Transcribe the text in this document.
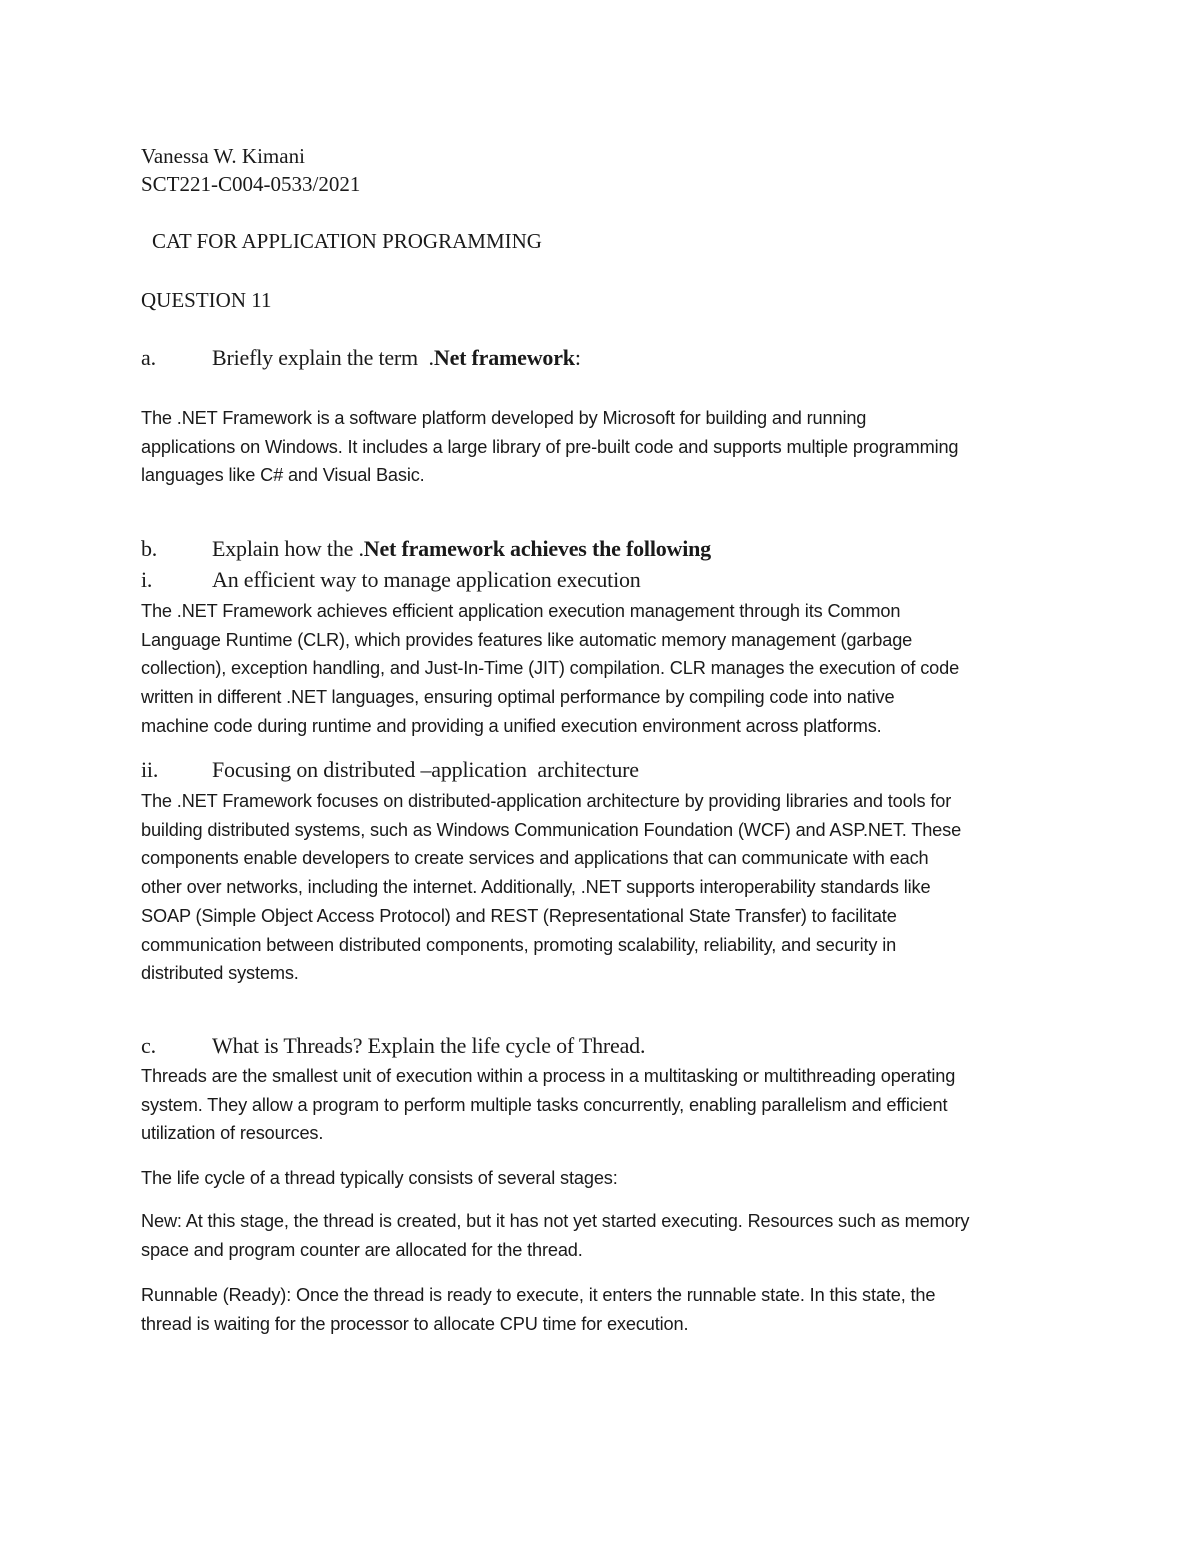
Vanessa W. Kimani
SCT221-C004-0533/2021
CAT FOR APPLICATION PROGRAMMING
QUESTION 11
a.	Briefly explain the term  .Net framework:

The .NET Framework is a software platform developed by Microsoft for building and running

applications on Windows. It includes a large library of pre-built code and supports multiple programming

languages like C# and Visual Basic.

b. Explain how the .Net framework achieves the following
i.	An efficient way to manage application execution

The .NET Framework achieves efficient application execution management through its Common

Language Runtime (CLR), which provides features like automatic memory management (garbage

collection), exception handling, and Just-In-Time (JIT) compilation. CLR manages the execution of code

written in different .NET languages, ensuring optimal performance by compiling code into native

machine code during runtime and providing a unified execution environment across platforms.

ii. Focusing on distributed –application  architecture

The .NET Framework focuses on distributed-application architecture by providing libraries and tools for

building distributed systems, such as Windows Communication Foundation (WCF) and ASP.NET. These

components enable developers to create services and applications that can communicate with each

other over networks, including the internet. Additionally, .NET supports interoperability standards like

SOAP (Simple Object Access Protocol) and REST (Representational State Transfer) to facilitate

communication between distributed components, promoting scalability, reliability, and security in

distributed systems.

c.	What is Threads? Explain the life cycle of Thread.

Threads are the smallest unit of execution within a process in a multitasking or multithreading operating

system. They allow a program to perform multiple tasks concurrently, enabling parallelism and efficient

utilization of resources.

The life cycle of a thread typically consists of several stages:

New: At this stage, the thread is created, but it has not yet started executing. Resources such as memory

space and program counter are allocated for the thread.

Runnable (Ready): Once the thread is ready to execute, it enters the runnable state. In this state, the

thread is waiting for the processor to allocate CPU time for execution.
